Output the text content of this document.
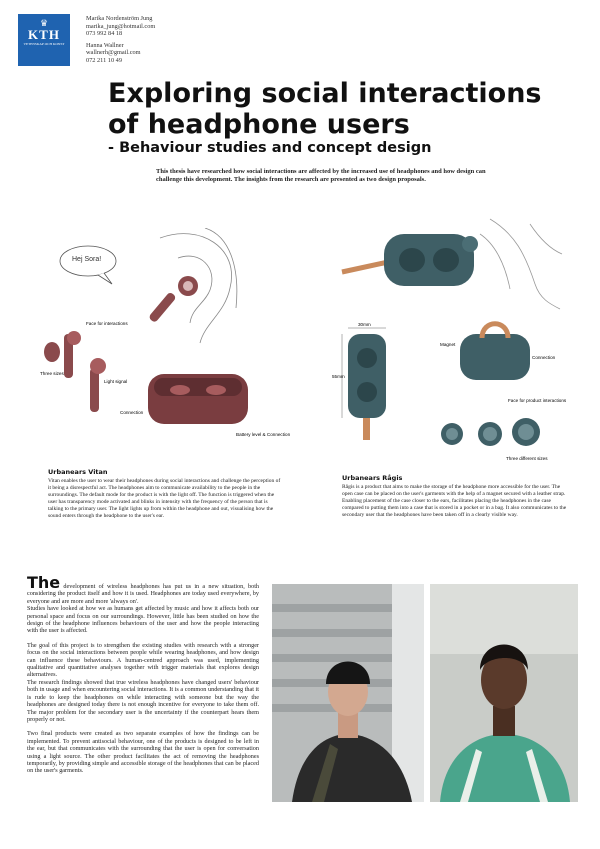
♛
KTH
VETENSKAP OCH KONST
Marika Nordenström Jung
marika_jung@hotmail.com
073 992 84 18
Hanna Wallner
wallnerh@gmail.com
072 211 10 49
Exploring social interactions of headphone users
- Behaviour studies and concept design
This thesis have researched how social interactions are affected by the increased use of headphones and how design can challenge this development. The insights from the research are presented as two design proposals.
Face for interactions
Three sizes
Light signal
Connection
Battery level & Connection
Hej Sora!
30mm
55mm
Magnet
Connection
Face for product interactions
Three different sizes
Urbanears Vitan
Vitan enables the user to wear their headphones during social interactions and challenge the perception of it being a disrespectful act. The headphones aim to communicate availability to the people in the surroundings. The default mode for the product is with the light off. The function is triggered when the user has transparency mode activated and blinks in intensity with the frequency of the person that is talking to the primary user. The light lights up from within the headphone and out, visualising how the sound enters through the headphone to the user's ear.
Urbanears Rågis
Rågis is a product that aims to make the storage of the headphone more accessible for the user. The open case can be placed on the user's garments with the help of a magnet secured with a leather strap. Enabling placement of the case closer to the ears, facilitates placing the headphones in the case compared to putting them into a case that is stored in a pocket or in a bag. It also communicates to the secondary user that the headphones have been taken off in a clearly visible way.

The development of wireless headphones has put us in a new situation, both considering the product itself and how it is used. Headphones are today used everywhere, by everyone and are more and more 'always on'.
Studies have looked at how we as humans get affected by music and how it affects both our personal space and focus on our surroundings. However, little has been studied on how the design of the headphone influences behaviours of the user and how the people interacting with the user is affected.

The goal of this project is to strengthen the existing studies with research with a stronger focus on the social interactions between people while wearing headphones, and how design can influence these behaviours. A human-centred approach was used, implementing qualitative and quantitative analyses together with trigger materials that explores design alternatives.
The research findings showed that true wireless headphones have changed users' behaviour both in usage and when encountering social interactions. It is a common understanding that it is rude to keep the headphones on while interacting with someone but the way the headphones are designed today there is not enough incentive for everyone to take them off. The major problem for the secondary user is the uncertainty if the counterpart hears them properly or not.

Two final products were created as two separate examples of how the findings can be implemented. To prevent antisocial behaviour, one of the products is designed to be left in the ear, but that communicates with the surrounding that the user is open for conversation using a light source. The other product facilitates the act of removing the headphones temporarily, by providing simple and accessible storage of the headphones that can be placed on the user's garments.
